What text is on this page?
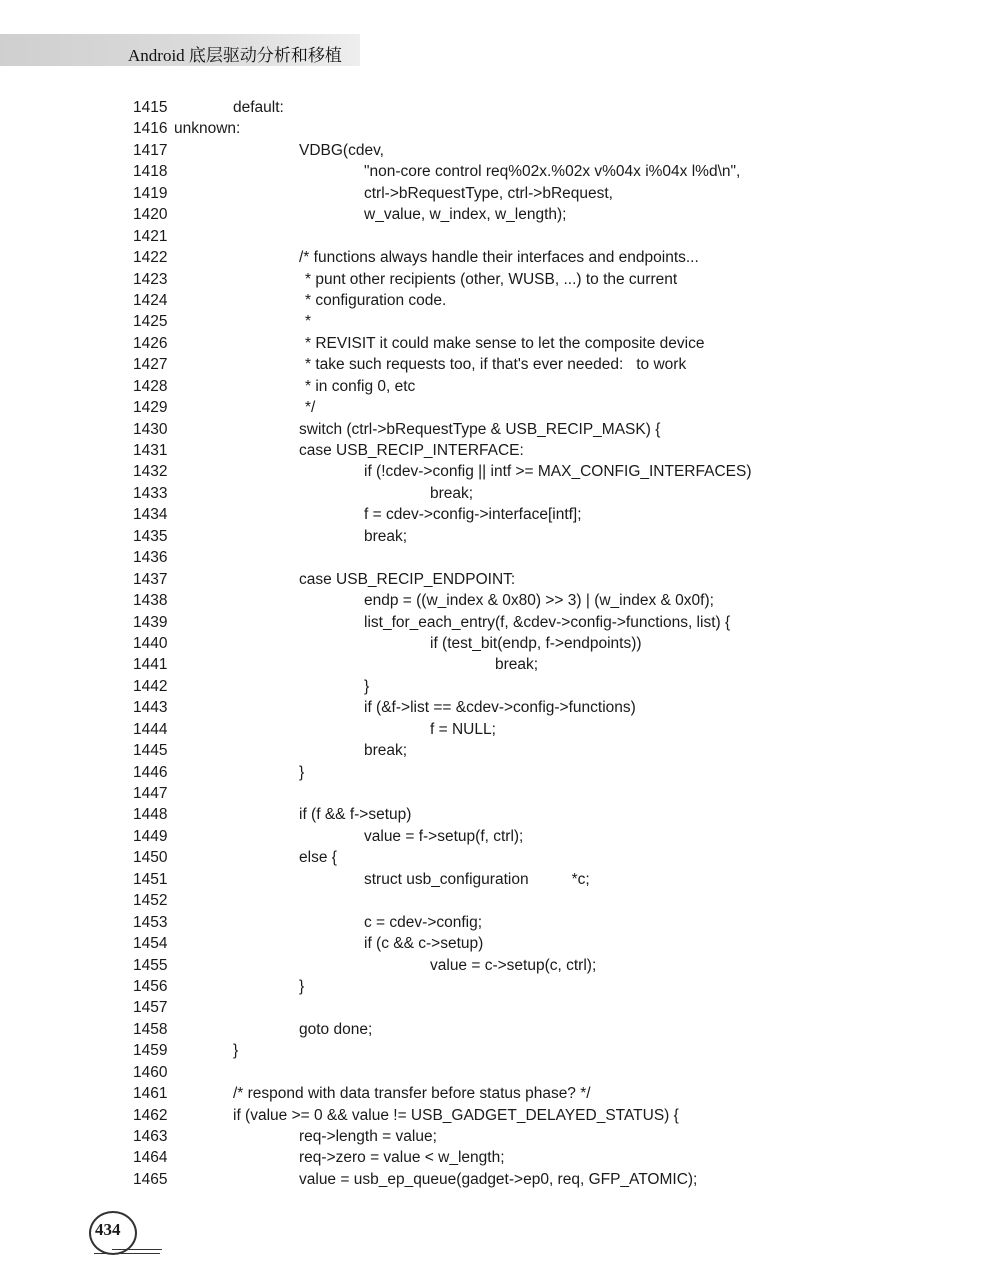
Android 底层驱动分析和移植
1415	default:
1416 unknown:
1417	VDBG(cdev,
1418	"non-core control req%02x.%02x v%04x i%04x l%d\n",
1419	ctrl->bRequestType, ctrl->bRequest,
1420	w_value, w_index, w_length);
1421
1422	/* functions always handle their interfaces and endpoints...
1423	* punt other recipients (other, WUSB, ...) to the current
1424	* configuration code.
1425	*
1426	* REVISIT it could make sense to let the composite device
1427	* take such requests too, if that's ever needed:   to work
1428	* in config 0, etc
1429	*/
1430	switch (ctrl->bRequestType & USB_RECIP_MASK) {
1431	case USB_RECIP_INTERFACE:
1432	if (!cdev->config || intf >= MAX_CONFIG_INTERFACES)
1433	break;
1434	f = cdev->config->interface[intf];
1435	break;
1436
1437	case USB_RECIP_ENDPOINT:
1438	endp = ((w_index & 0x80) >> 3) | (w_index & 0x0f);
1439	list_for_each_entry(f, &cdev->config->functions, list) {
1440	if (test_bit(endp, f->endpoints))
1441	break;
1442	}
1443	if (&f->list == &cdev->config->functions)
1444	f = NULL;
1445	break;
1446	}
1447
1448	if (f && f->setup)
1449	value = f->setup(f, ctrl);
1450	else {
1451	struct usb_configuration          *c;
1452
1453	c = cdev->config;
1454	if (c && c->setup)
1455	value = c->setup(c, ctrl);
1456	}
1457
1458	goto done;
1459	}
1460
1461	/* respond with data transfer before status phase? */
1462	if (value >= 0 && value != USB_GADGET_DELAYED_STATUS) {
1463	req->length = value;
1464	req->zero = value < w_length;
1465	value = usb_ep_queue(gadget->ep0, req, GFP_ATOMIC);
434
